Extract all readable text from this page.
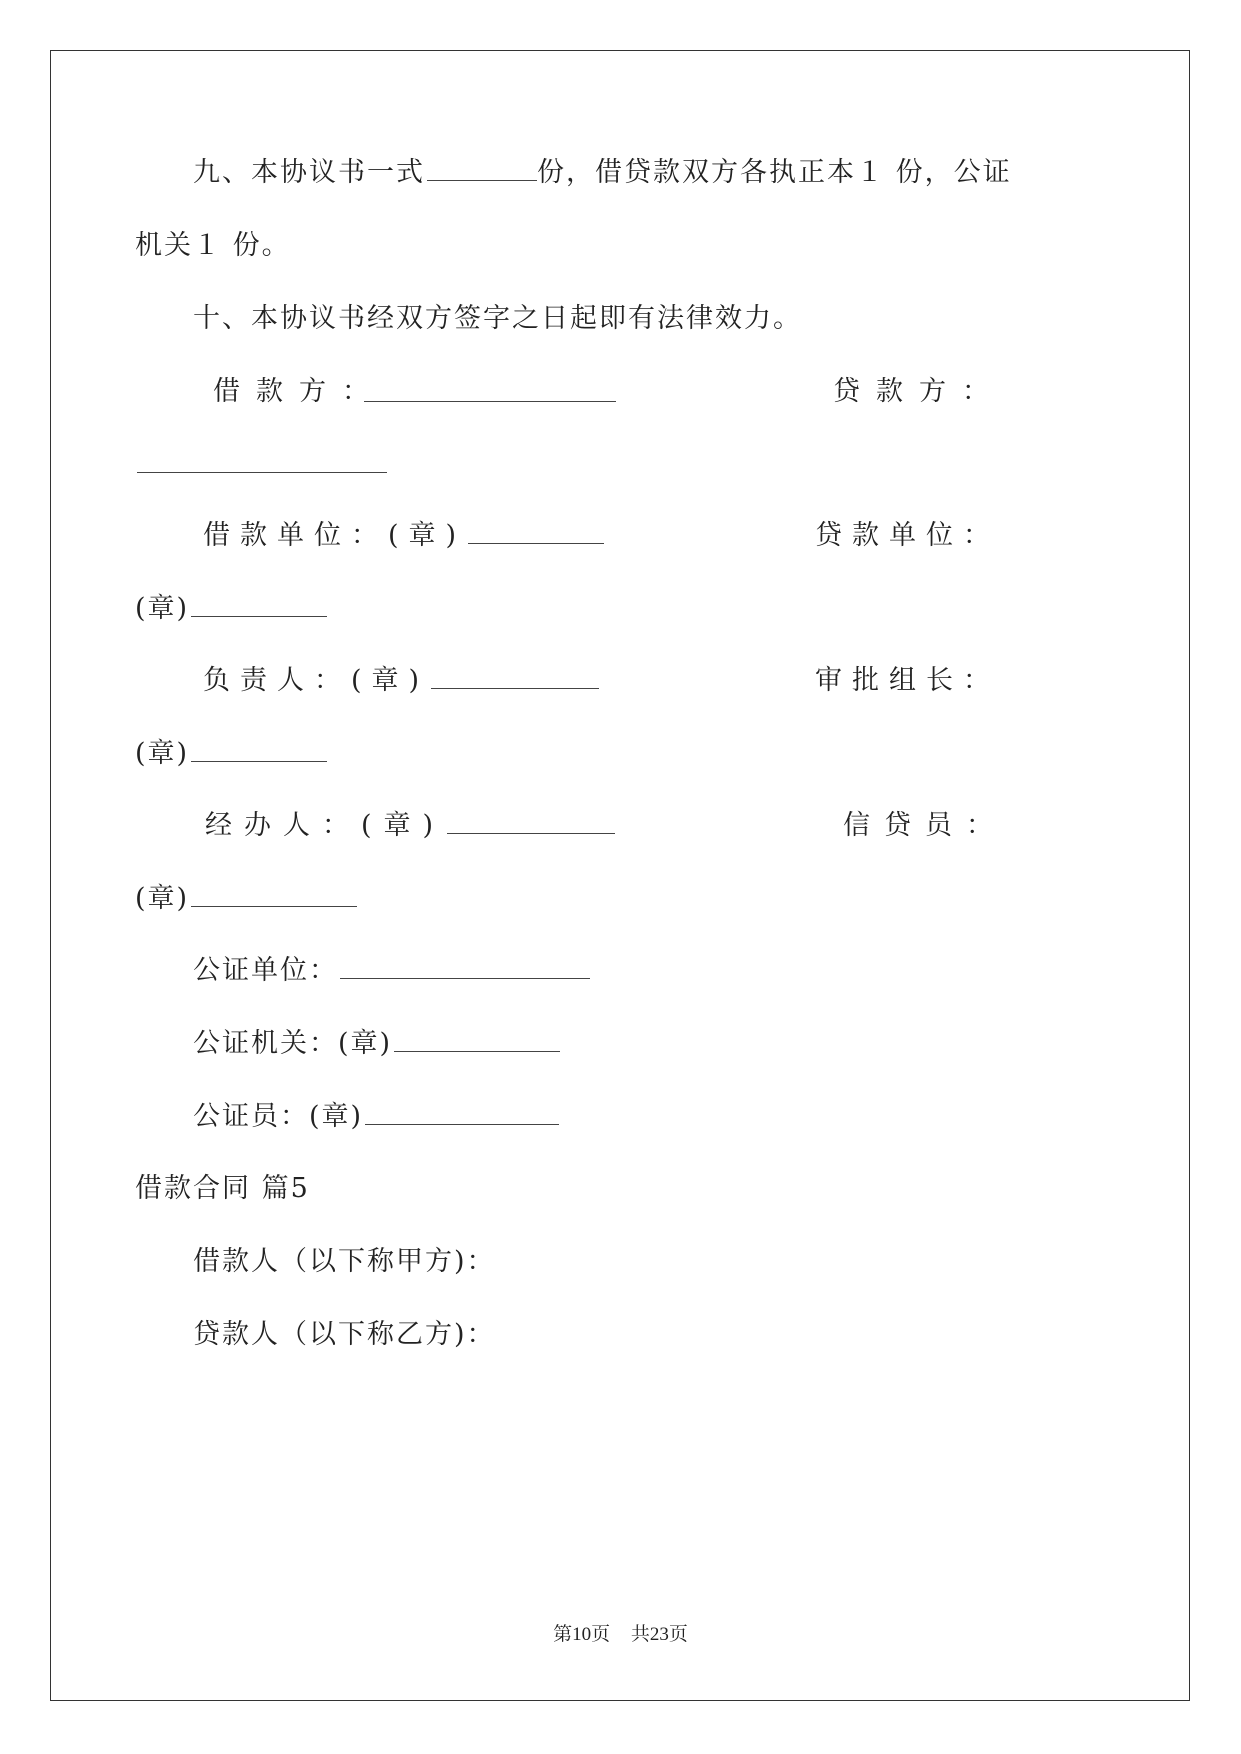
九、本协议书一式	份，借贷款双方各执正本１ 份，公证
机关１ 份。
十、本协议书经双方签字之日起即有法律效力。
借款方：	贷款方：
借款单位：(章)	贷款单位：
(章)
负责人：(章)	审批组长：
(章)
经办人：(章)	信贷员：
(章)
公证单位：
公证机关：(章)
公证员：(章)
借款合同 篇5
借款人（以下称甲方)：
贷款人（以下称乙方)：
第10页 共23页
